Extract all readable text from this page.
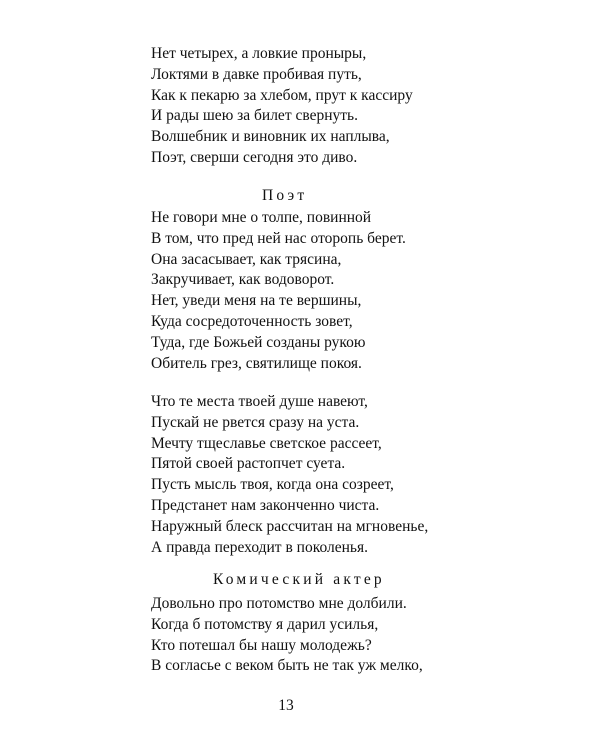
Нет четырех, а ловкие проныры,
Локтями в давке пробивая путь,
Как к пекарю за хлебом, прут к кассиру
И рады шею за билет свернуть.
Волшебник и виновник их наплыва,
Поэт, сверши сегодня это диво.
Поэт
Не говори мне о толпе, повинной
В том, что пред ней нас оторопь берет.
Она засасывает, как трясина,
Закручивает, как водоворот.
Нет, уведи меня на те вершины,
Куда сосредоточенность зовет,
Туда, где Божьей созданы рукою
Обитель грез, святилище покоя.
Что те места твоей душе навеют,
Пускай не рвется сразу на уста.
Мечту тщеславье светское рассеет,
Пятой своей растопчет суета.
Пусть мысль твоя, когда она созреет,
Предстанет нам законченно чиста.
Наружный блеск рассчитан на мгновенье,
А правда переходит в поколенья.
Комический актер
Довольно про потомство мне долбили.
Когда б потомству я дарил усилья,
Кто потешал бы нашу молодежь?
В согласье с веком быть не так уж мелко,
13
